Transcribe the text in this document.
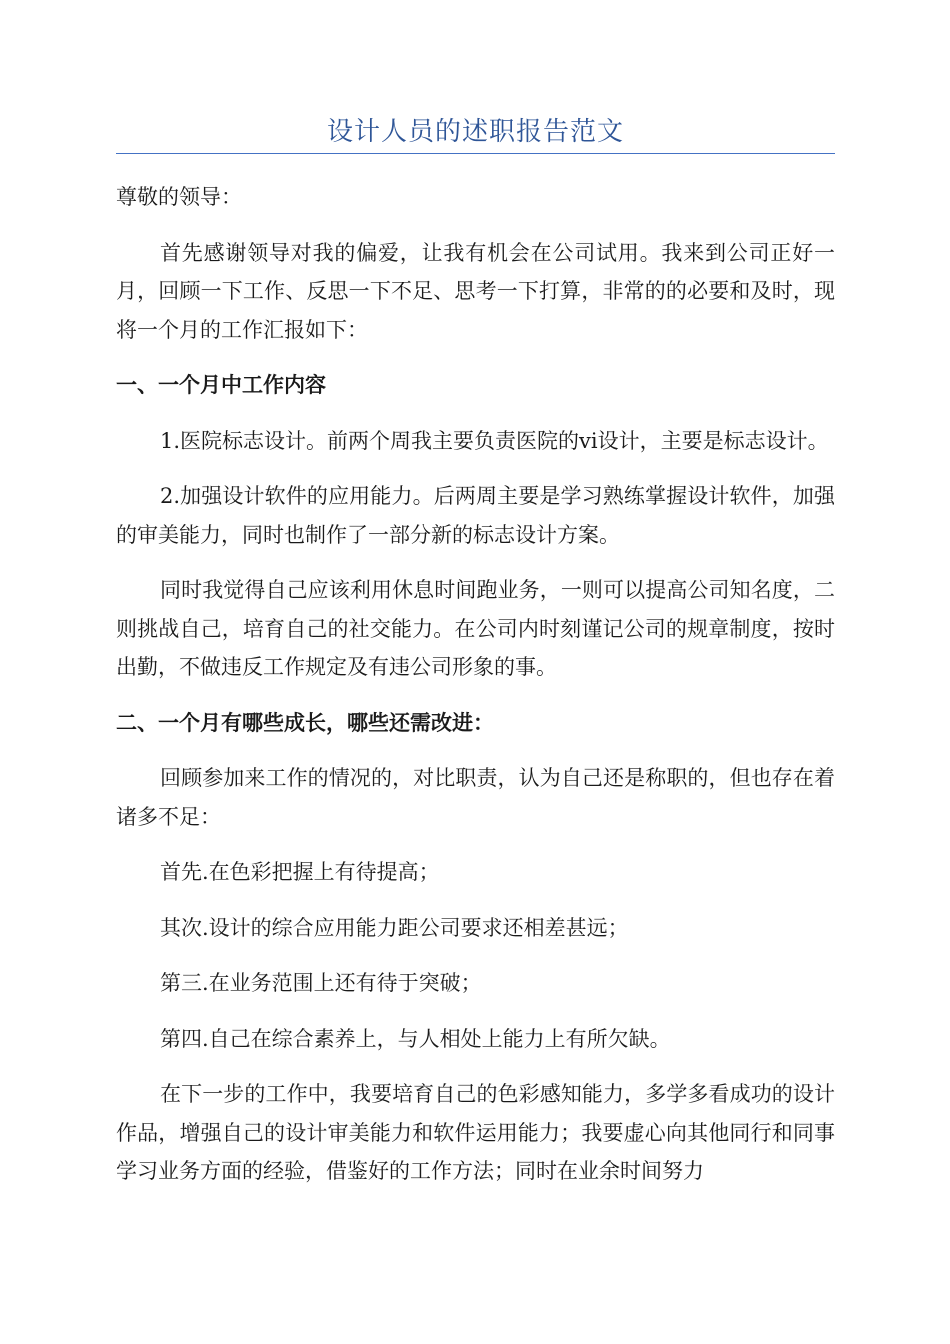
设计人员的述职报告范文

尊敬的领导：

首先感谢领导对我的偏爱，让我有机会在公司试用。我来到公司正好一月，回顾一下工作、反思一下不足、思考一下打算，非常的的必要和及时，现将一个月的工作汇报如下：

一、一个月中工作内容

1.医院标志设计。前两个周我主要负责医院的vi设计，主要是标志设计。

2.加强设计软件的应用能力。后两周主要是学习熟练掌握设计软件，加强的审美能力，同时也制作了一部分新的标志设计方案。

同时我觉得自己应该利用休息时间跑业务，一则可以提高公司知名度，二则挑战自己，培育自己的社交能力。在公司内时刻谨记公司的规章制度，按时出勤，不做违反工作规定及有违公司形象的事。

二、一个月有哪些成长，哪些还需改进：

回顾参加来工作的情况的，对比职责，认为自己还是称职的，但也存在着诸多不足：

首先.在色彩把握上有待提高；

其次.设计的综合应用能力距公司要求还相差甚远；

第三.在业务范围上还有待于突破；

第四.自己在综合素养上，与人相处上能力上有所欠缺。

在下一步的工作中，我要培育自己的色彩感知能力，多学多看成功的设计作品，增强自己的设计审美能力和软件运用能力；我要虚心向其他同行和同事学习业务方面的经验，借鉴好的工作方法；同时在业余时间努力
